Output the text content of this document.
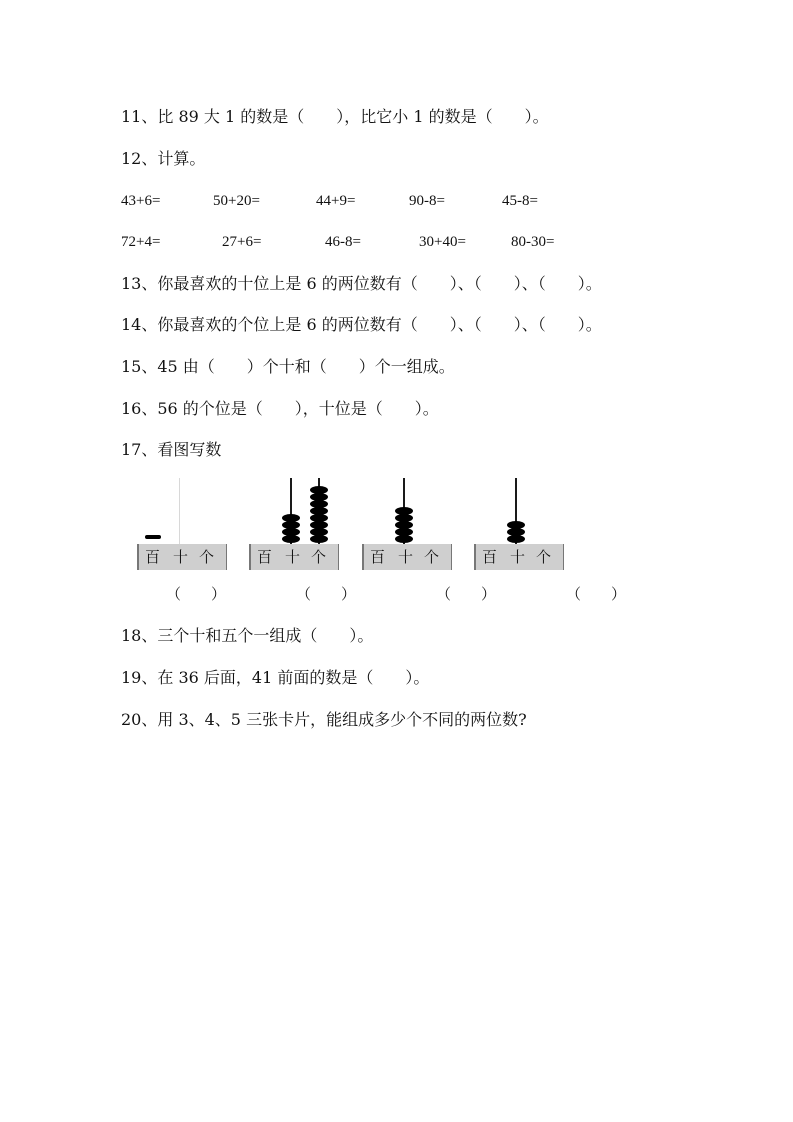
11、比 89 大 1 的数是（　　），比它小 1 的数是（　　）。

12、计算。

43+6=	50+20=	44+9=	90-8=	45-8=
72+4=	27+6=	46-8=	30+40=	80-30=

13、你最喜欢的十位上是 6 的两位数有（　　）、（　　）、（　　）。

14、你最喜欢的个位上是 6 的两位数有（　　）、（　　）、（　　）。

15、45 由（　　）个十和（　　）个一组成。

16、56 的个位是（　　），十位是（　　）。

17、看图写数

百 十 个	百 十 个	百 十 个	百 十 个
（　　）	（　　）	（　　）	（　　）

18、三个十和五个一组成（　　）。

19、在 36 后面，41 前面的数是（　　）。

20、用 3、4、5 三张卡片，能组成多少个不同的两位数?
